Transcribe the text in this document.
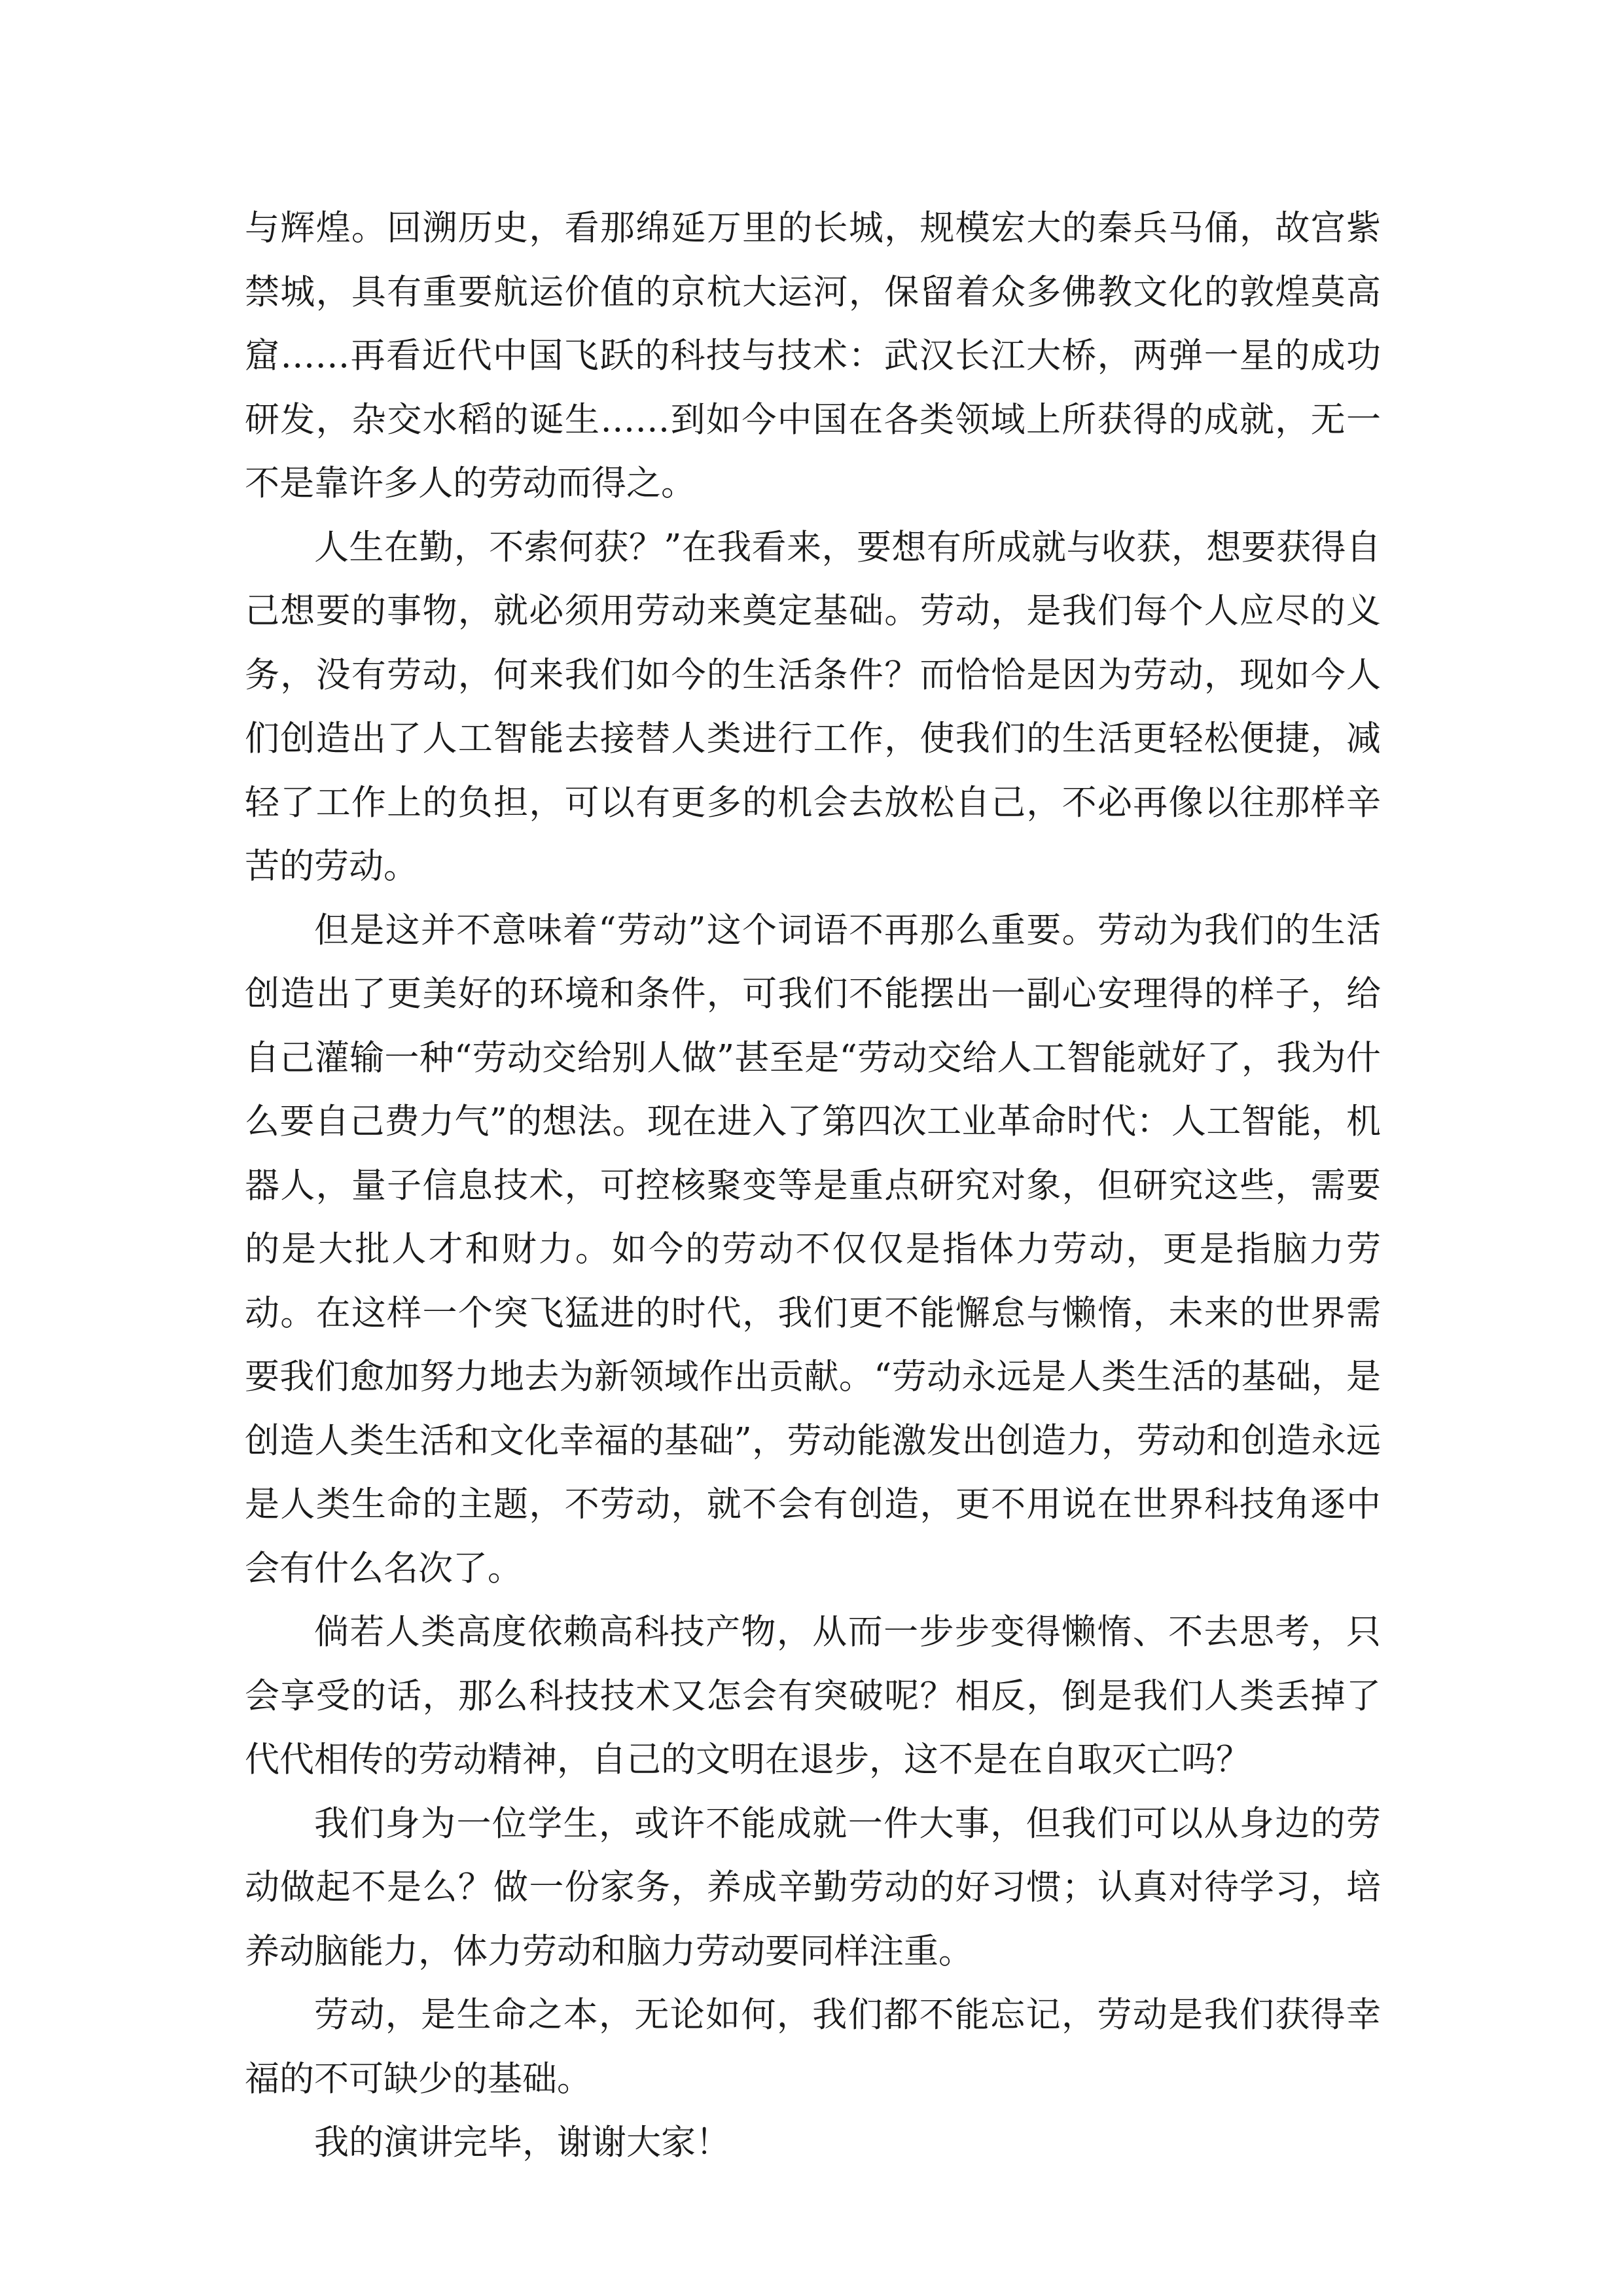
与辉煌。回溯历史，看那绵延万里的长城，规模宏大的秦兵马俑，故宫紫禁城，具有重要航运价值的京杭大运河，保留着众多佛教文化的敦煌莫高窟……再看近代中国飞跃的科技与技术：武汉长江大桥，两弹一星的成功研发，杂交水稻的诞生……到如今中国在各类领域上所获得的成就，无一不是靠许多人的劳动而得之。

人生在勤，不索何获？”在我看来，要想有所成就与收获，想要获得自己想要的事物，就必须用劳动来奠定基础。劳动，是我们每个人应尽的义务，没有劳动，何来我们如今的生活条件？而恰恰是因为劳动，现如今人们创造出了人工智能去接替人类进行工作，使我们的生活更轻松便捷，减轻了工作上的负担，可以有更多的机会去放松自己，不必再像以往那样辛苦的劳动。

但是这并不意味着“劳动”这个词语不再那么重要。劳动为我们的生活创造出了更美好的环境和条件，可我们不能摆出一副心安理得的样子，给自己灌输一种“劳动交给别人做”甚至是“劳动交给人工智能就好了，我为什么要自己费力气”的想法。现在进入了第四次工业革命时代：人工智能，机器人，量子信息技术，可控核聚变等是重点研究对象，但研究这些，需要的是大批人才和财力。如今的劳动不仅仅是指体力劳动，更是指脑力劳动。在这样一个突飞猛进的时代，我们更不能懈怠与懒惰，未来的世界需要我们愈加努力地去为新领域作出贡献。“劳动永远是人类生活的基础，是创造人类生活和文化幸福的基础”，劳动能激发出创造力，劳动和创造永远是人类生命的主题，不劳动，就不会有创造，更不用说在世界科技角逐中会有什么名次了。

倘若人类高度依赖高科技产物，从而一步步变得懒惰、不去思考，只会享受的话，那么科技技术又怎会有突破呢？相反，倒是我们人类丢掉了代代相传的劳动精神，自己的文明在退步，这不是在自取灭亡吗？

我们身为一位学生，或许不能成就一件大事，但我们可以从身边的劳动做起不是么？做一份家务，养成辛勤劳动的好习惯；认真对待学习，培养动脑能力，体力劳动和脑力劳动要同样注重。

劳动，是生命之本，无论如何，我们都不能忘记，劳动是我们获得幸福的不可缺少的基础。

我的演讲完毕，谢谢大家！
